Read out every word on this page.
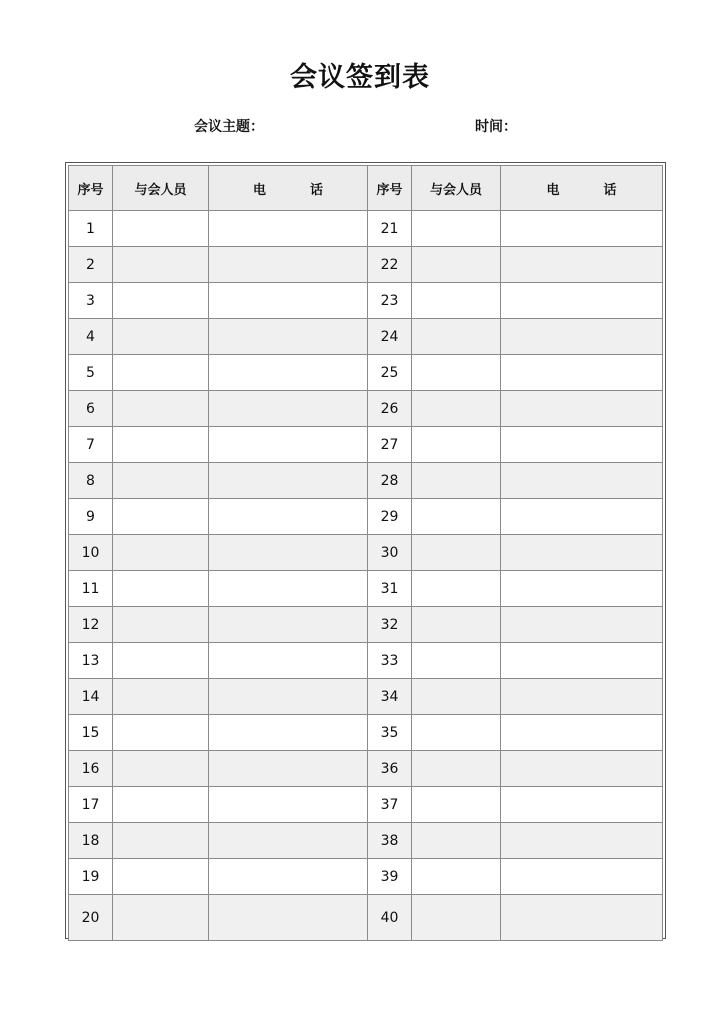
会议签到表
会议主题：	时间：
序号	与会人员	电 话	序号	与会人员	电 话
1			21		
2			22		
3			23		
4			24		
5			25		
6			26		
7			27		
8			28		
9			29		
10			30		
11			31		
12			32		
13			33		
14			34		
15			35		
16			36		
17			37		
18			38		
19			39		
20			40		
